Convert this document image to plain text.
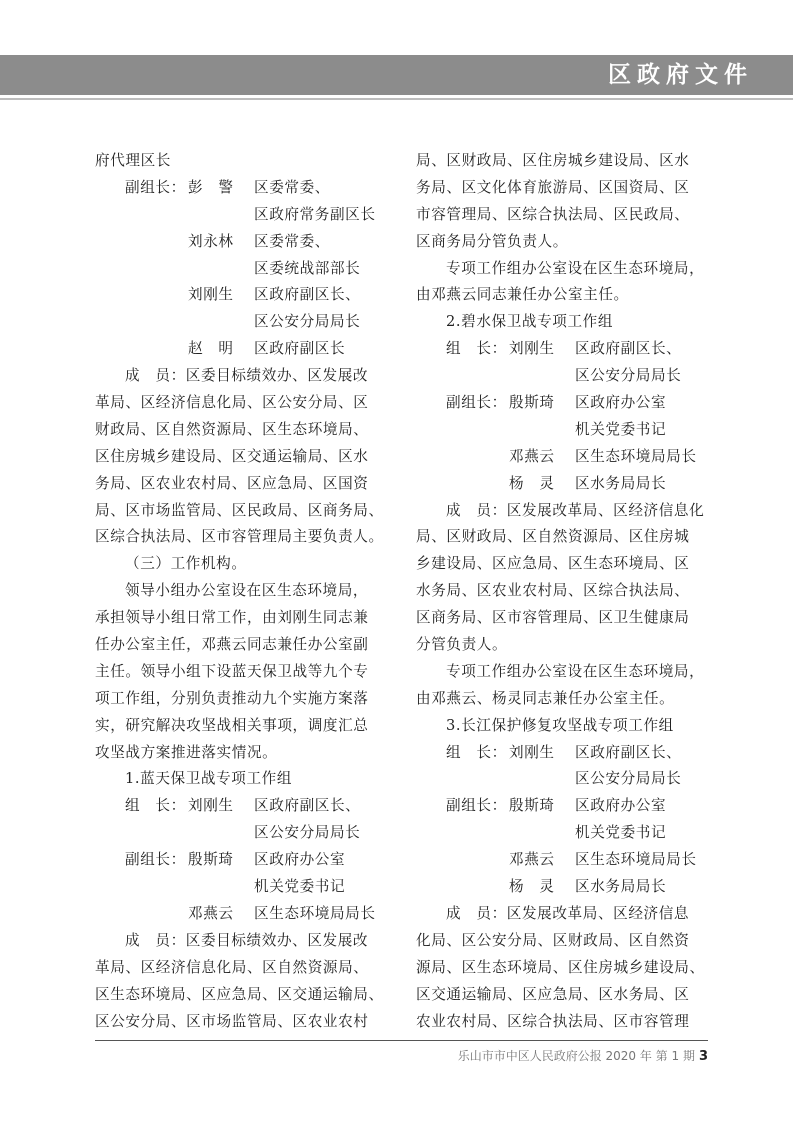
区政府文件
府代理区长
副组长： 彭　警	区委常委、
区政府常务副区长
刘永林	区委常委、
区委统战部部长
刘刚生	区政府副区长、
区公安分局局长
赵　明	区政府副区长
成　员：区委目标绩效办、区发展改
革局、区经济信息化局、区公安分局、区
财政局、区自然资源局、区生态环境局、
区住房城乡建设局、区交通运输局、区水
务局、区农业农村局、区应急局、区国资
局、区市场监管局、区民政局、区商务局、
区综合执法局、区市容管理局主要负责人。
（三）工作机构。
领导小组办公室设在区生态环境局，
承担领导小组日常工作，由刘刚生同志兼
任办公室主任，邓燕云同志兼任办公室副
主任。领导小组下设蓝天保卫战等九个专
项工作组，分别负责推动九个实施方案落
实，研究解决攻坚战相关事项，调度汇总
攻坚战方案推进落实情况。
1.蓝天保卫战专项工作组
组　长： 刘刚生	区政府副区长、
区公安分局局长
副组长： 殷斯琦	区政府办公室
机关党委书记
邓燕云	区生态环境局局长
成　员：区委目标绩效办、区发展改
革局、区经济信息化局、区自然资源局、
区生态环境局、区应急局、区交通运输局、
区公安分局、区市场监管局、区农业农村
局、区财政局、区住房城乡建设局、区水
务局、区文化体育旅游局、区国资局、区
市容管理局、区综合执法局、区民政局、
区商务局分管负责人。
专项工作组办公室设在区生态环境局，
由邓燕云同志兼任办公室主任。
2.碧水保卫战专项工作组
组　长： 刘刚生	区政府副区长、
区公安分局局长
副组长： 殷斯琦	区政府办公室
机关党委书记
邓燕云	区生态环境局局长
杨　灵	区水务局局长
成　员：区发展改革局、区经济信息化
局、区财政局、区自然资源局、区住房城
乡建设局、区应急局、区生态环境局、区
水务局、区农业农村局、区综合执法局、
区商务局、区市容管理局、区卫生健康局
分管负责人。
专项工作组办公室设在区生态环境局，
由邓燕云、杨灵同志兼任办公室主任。
3.长江保护修复攻坚战专项工作组
组　长： 刘刚生	区政府副区长、
区公安分局局长
副组长： 殷斯琦	区政府办公室
机关党委书记
邓燕云	区生态环境局局长
杨　灵	区水务局局长
成　员：区发展改革局、区经济信息
化局、区公安分局、区财政局、区自然资
源局、区生态环境局、区住房城乡建设局、
区交通运输局、区应急局、区水务局、区
农业农村局、区综合执法局、区市容管理
乐山市市中区人民政府公报 2020 年 第 1 期 3
